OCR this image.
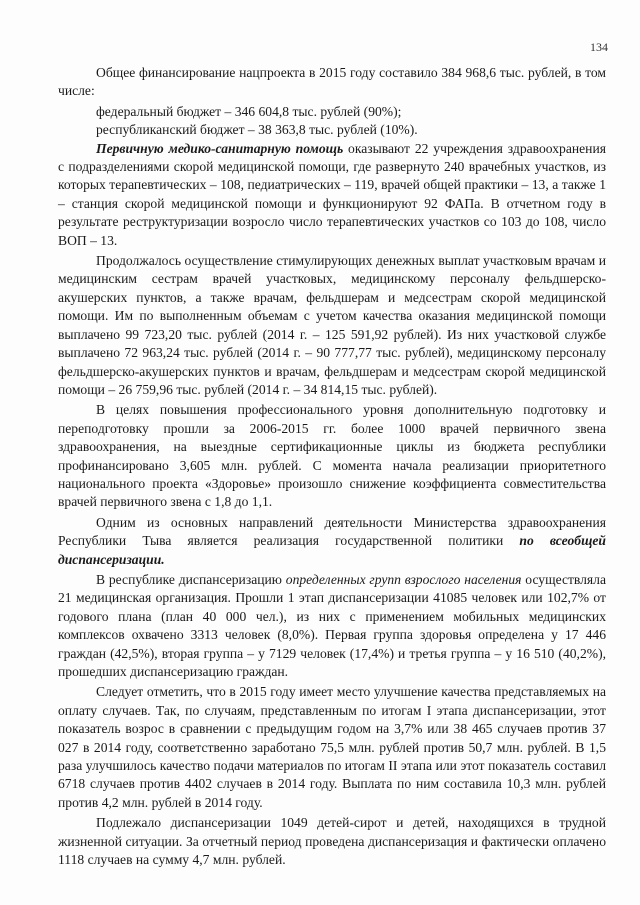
134

Общее финансирование нацпроекта в 2015 году составило 384 968,6 тыс. рублей, в том числе:

федеральный бюджет – 346 604,8 тыс. рублей (90%);

республиканский бюджет – 38 363,8 тыс. рублей (10%).

Первичную медико-санитарную помощь оказывают 22 учреждения здравоохранения с подразделениями скорой медицинской помощи, где развернуто 240 врачебных участков, из которых терапевтических – 108, педиатрических – 119, врачей общей практики – 13, а также 1 – станция скорой медицинской помощи и функционируют 92 ФАПа. В отчетном году в результате реструктуризации возросло число терапевтических участков со 103 до 108, число ВОП – 13.

Продолжалось осуществление стимулирующих денежных выплат участковым врачам и медицинским сестрам врачей участковых, медицинскому персоналу фельдшерско-акушерских пунктов, а также врачам, фельдшерам и медсестрам скорой медицинской помощи. Им по выполненным объемам с учетом качества оказания медицинской помощи выплачено 99 723,20 тыс. рублей (2014 г. – 125 591,92 рублей). Из них участковой службе выплачено 72 963,24 тыс. рублей (2014 г. – 90 777,77 тыс. рублей), медицинскому персоналу фельдшерско-акушерских пунктов и врачам, фельдшерам и медсестрам скорой медицинской помощи – 26 759,96 тыс. рублей (2014 г. – 34 814,15 тыс. рублей).

В целях повышения профессионального уровня дополнительную подготовку и переподготовку прошли за 2006-2015 гг. более 1000 врачей первичного звена здравоохранения, на выездные сертификационные циклы из бюджета республики профинансировано 3,605 млн. рублей. С момента начала реализации приоритетного национального проекта «Здоровье» произошло снижение коэффициента совместительства врачей первичного звена с 1,8 до 1,1.

Одним из основных направлений деятельности Министерства здравоохранения Республики Тыва является реализация государственной политики по всеобщей диспансеризации.

В республике диспансеризацию определенных групп взрослого населения осуществляла 21 медицинская организация. Прошли 1 этап диспансеризации 41085 человек или 102,7% от годового плана (план 40 000 чел.), из них с применением мобильных медицинских комплексов охвачено 3313 человек (8,0%). Первая группа здоровья определена у 17 446 граждан (42,5%), вторая группа – у 7129 человек (17,4%) и третья группа – у 16 510 (40,2%), прошедших диспансеризацию граждан.

Следует отметить, что в 2015 году имеет место улучшение качества представляемых на оплату случаев. Так, по случаям, представленным по итогам I этапа диспансеризации, этот показатель возрос в сравнении с предыдущим годом на 3,7% или 38 465 случаев против 37 027 в 2014 году, соответственно заработано 75,5 млн. рублей против 50,7 млн. рублей. В 1,5 раза улучшилось качество подачи материалов по итогам II этапа или этот показатель составил 6718 случаев против 4402 случаев в 2014 году. Выплата по ним составила 10,3 млн. рублей против 4,2 млн. рублей в 2014 году.

Подлежало диспансеризации 1049 детей-сирот и детей, находящихся в трудной жизненной ситуации. За отчетный период проведена диспансеризация и фактически оплачено 1118 случаев на сумму 4,7 млн. рублей.
